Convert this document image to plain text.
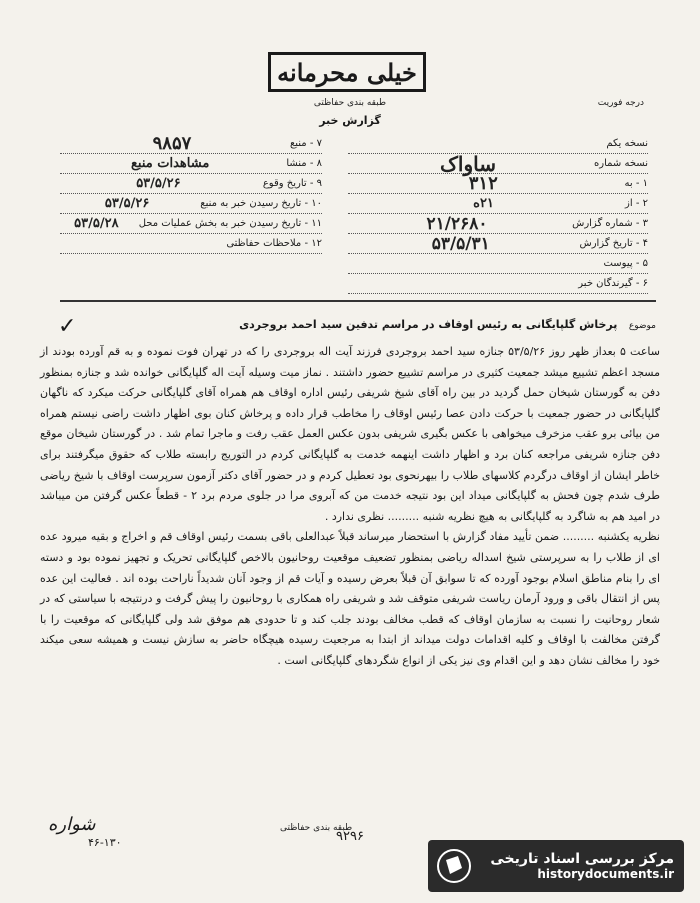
خیلی محرمانه
طبقه بندی حفاظتی
گزارش خبر
درجه فوریت
نسخه یکم
نسخه شماره
ساواک
۱ - به
۳۱۲
۲ - از
۲۱ه
۳ - شماره گزارش
۲۱/۲۶۸۰
۴ - تاریخ گزارش
۵۳/۵/۳۱
۵ - پیوست
۶ - گیرندگان خبر
۷ - منبع
۹۸۵۷
۸ - منشا
مشاهدات منبع
۹ - تاریخ وقوع
۵۳/۵/۲۶
۱۰ - تاریخ رسیدن خبر به منبع
۵۳/۵/۲۶
۱۱ - تاریخ رسیدن خبر به بخش عملیات محل
۵۳/۵/۲۸
۱۲ - ملاحظات حفاظتی
✓	موضوع پرخاش گلپایگانی به رئیس اوقاف در مراسم تدفین سید احمد بروجردی

ساعت ۵ بعداز ظهر روز ۵۳/۵/۲۶ جنازه سید احمد بروجردی فرزند آیت اله بروجردی را که در تهران فوت نموده و به قم آورده بودند از مسجد اعظم تشییع میشد جمعیت کثیری در مراسم تشییع حضور داشتند . نماز میت وسیله آیت اله گلپایگانی خوانده شد و جنازه بمنظور دفن به گورستان شیخان حمل گردید در بین راه آقای شیخ شریفی رئیس اداره اوقاف هم همراه آقای گلپایگانی حرکت میکرد که ناگهان گلپایگانی در حضور جمعیت با حرکت دادن عصا رئیس اوقاف را مخاطب قرار داده و پرخاش کنان بوی اظهار داشت راضی نیستم همراه من بیائی برو عقب مزخرف میخواهی با عکس بگیری شریفی بدون عکس العمل عقب رفت و ماجرا تمام شد . در گورستان شیخان موقع دفن جنازه شریفی مراجعه کنان برد و اظهار داشت اینهمه خدمت به گلپایگانی کردم در التوریج رابسته طلاب که حقوق میگرفتند برای خاطر ایشان از اوقاف درگردم کلاسهای طلاب را بیهرنحوی بود تعطیل کردم و در حضور آقای دکتر آزمون سرپرست اوقاف با شیخ ریاضی طرف شدم چون فحش به گلپایگانی میداد این بود نتیجه خدمت من که آبروی مرا در جلوی مردم برد ۲ - قطعاً عکس گرفتن من میباشد در امید هم به شاگرد به گلپایگانی به هیچ نظریه شنبه ......... نظری ندارد .

نظریه یکشنبه ......... ضمن تأیید مفاد گزارش با استحضار میرساند قبلاً عبدالعلی باقی بسمت رئیس اوقاف قم و اخراج و بقیه میرود عده ای از طلاب را به سرپرستی شیخ اسداله ریاضی بمنظور تضعیف موقعیت روحانیون بالاخص گلپایگانی تحریک و تجهیز نموده بود و دسته ای را بنام مناطق اسلام بوجود آورده که تا سوابق آن قبلاً بعرض رسیده و آیات قم از وجود آنان شدیداً ناراحت بوده اند . فعالیت این عده پس از انتقال باقی و ورود آرمان ریاست شریفی متوقف شد و شریفی راه همکاری با روحانیون را پیش گرفت و درنتیجه با سیاستی که در شعار روحانیت را نسبت به سازمان اوقاف که قطب مخالف بودند جلب کند و تا حدودی هم موفق شد ولی گلپایگانی که موقعیت را با گرفتن مخالفت با اوقاف و کلیه اقدامات دولت میداند از ابتدا به مرجعیت رسیده هیچگاه حاضر به سازش نیست و همیشه سعی میکند خود را مخالف نشان دهد و این اقدام وی نیز یکی از انواع شگردهای گلپایگانی است .

شواره	طبقه بندی حفاظتی
۹۲۹۶
۴۶-۱۳۰
مرکز بررسی اسناد تاریخی
historydocuments.ir
